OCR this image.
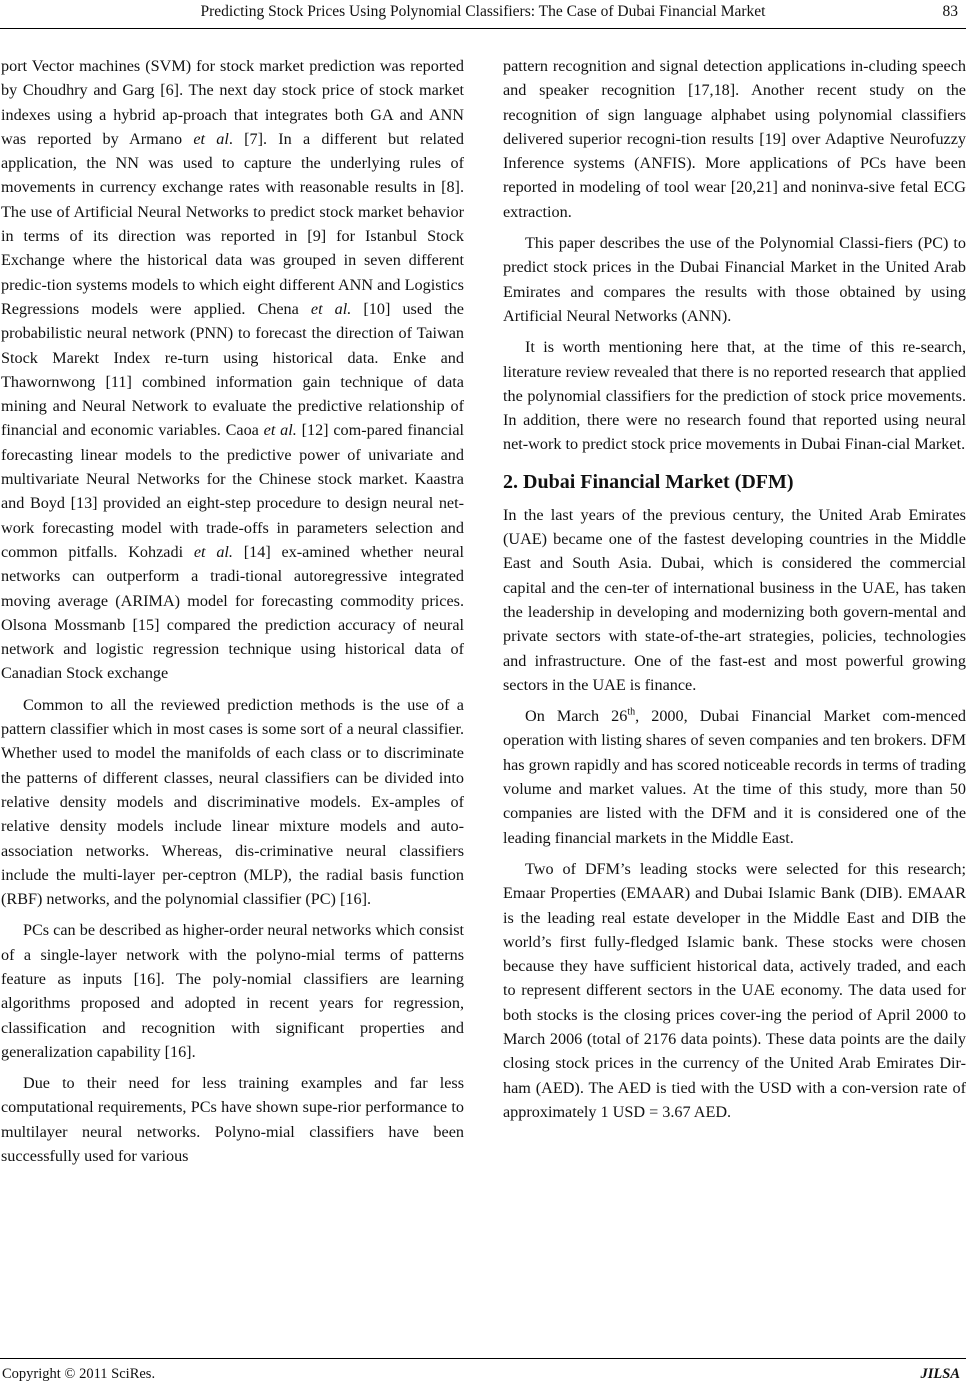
Predicting Stock Prices Using Polynomial Classifiers: The Case of Dubai Financial Market	83

port Vector machines (SVM) for stock market prediction was reported by Choudhry and Garg [6]. The next day stock price of stock market indexes using a hybrid ap-proach that integrates both GA and ANN was reported by Armano et al. [7]. In a different but related application, the NN was used to capture the underlying rules of movements in currency exchange rates with reasonable results in [8]. The use of Artificial Neural Networks to predict stock market behavior in terms of its direction was reported in [9] for Istanbul Stock Exchange where the historical data was grouped in seven different predic-tion systems models to which eight different ANN and Logistics Regressions models were applied. Chena et al. [10] used the probabilistic neural network (PNN) to forecast the direction of Taiwan Stock Marekt Index re-turn using historical data. Enke and Thawornwong [11] combined information gain technique of data mining and Neural Network to evaluate the predictive relationship of financial and economic variables. Caoa et al. [12] com-pared financial forecasting linear models to the predictive power of univariate and multivariate Neural Networks for the Chinese stock market. Kaastra and Boyd [13] provided an eight-step procedure to design neural net-work forecasting model with trade-offs in parameters selection and common pitfalls. Kohzadi et al. [14] ex-amined whether neural networks can outperform a tradi-tional autoregressive integrated moving average (ARIMA) model for forecasting commodity prices. Olsona Mossmanb [15] compared the prediction accuracy of neural network and logistic regression technique using historical data of Canadian Stock exchange

Common to all the reviewed prediction methods is the use of a pattern classifier which in most cases is some sort of a neural classifier. Whether used to model the manifolds of each class or to discriminate the patterns of different classes, neural classifiers can be divided into relative density models and discriminative models. Ex-amples of relative density models include linear mixture models and auto-association networks. Whereas, dis-criminative neural classifiers include the multi-layer per-ceptron (MLP), the radial basis function (RBF) networks, and the polynomial classifier (PC) [16].

PCs can be described as higher-order neural networks which consist of a single-layer network with the polyno-mial terms of patterns feature as inputs [16]. The poly-nomial classifiers are learning algorithms proposed and adopted in recent years for regression, classification and recognition with significant properties and generalization capability [16].

Due to their need for less training examples and far less computational requirements, PCs have shown supe-rior performance to multilayer neural networks. Polyno-mial classifiers have been successfully used for various

pattern recognition and signal detection applications in-cluding speech and speaker recognition [17,18]. Another recent study on the recognition of sign language alphabet using polynomial classifiers delivered superior recogni-tion results [19] over Adaptive Neurofuzzy Inference systems (ANFIS). More applications of PCs have been reported in modeling of tool wear [20,21] and noninva-sive fetal ECG extraction.

This paper describes the use of the Polynomial Classi-fiers (PC) to predict stock prices in the Dubai Financial Market in the United Arab Emirates and compares the results with those obtained by using Artificial Neural Networks (ANN).

It is worth mentioning here that, at the time of this re-search, literature review revealed that there is no reported research that applied the polynomial classifiers for the prediction of stock price movements. In addition, there were no research found that reported using neural net-work to predict stock price movements in Dubai Finan-cial Market.

2. Dubai Financial Market (DFM)

In the last years of the previous century, the United Arab Emirates (UAE) became one of the fastest developing countries in the Middle East and South Asia. Dubai, which is considered the commercial capital and the cen-ter of international business in the UAE, has taken the leadership in developing and modernizing both govern-mental and private sectors with state-of-the-art strategies, policies, technologies and infrastructure. One of the fast-est and most powerful growing sectors in the UAE is finance.

On March 26th, 2000, Dubai Financial Market com-menced operation with listing shares of seven companies and ten brokers. DFM has grown rapidly and has scored noticeable records in terms of trading volume and market values. At the time of this study, more than 50 companies are listed with the DFM and it is considered one of the leading financial markets in the Middle East.

Two of DFM’s leading stocks were selected for this research; Emaar Properties (EMAAR) and Dubai Islamic Bank (DIB). EMAAR is the leading real estate developer in the Middle East and DIB the world’s first fully-fledged Islamic bank. These stocks were chosen because they have sufficient historical data, actively traded, and each to represent different sectors in the UAE economy. The data used for both stocks is the closing prices cover-ing the period of April 2000 to March 2006 (total of 2176 data points). These data points are the daily closing stock prices in the currency of the United Arab Emirates Dir-ham (AED). The AED is tied with the USD with a con-version rate of approximately 1 USD = 3.67 AED.

Copyright © 2011 SciRes.	JILSA
